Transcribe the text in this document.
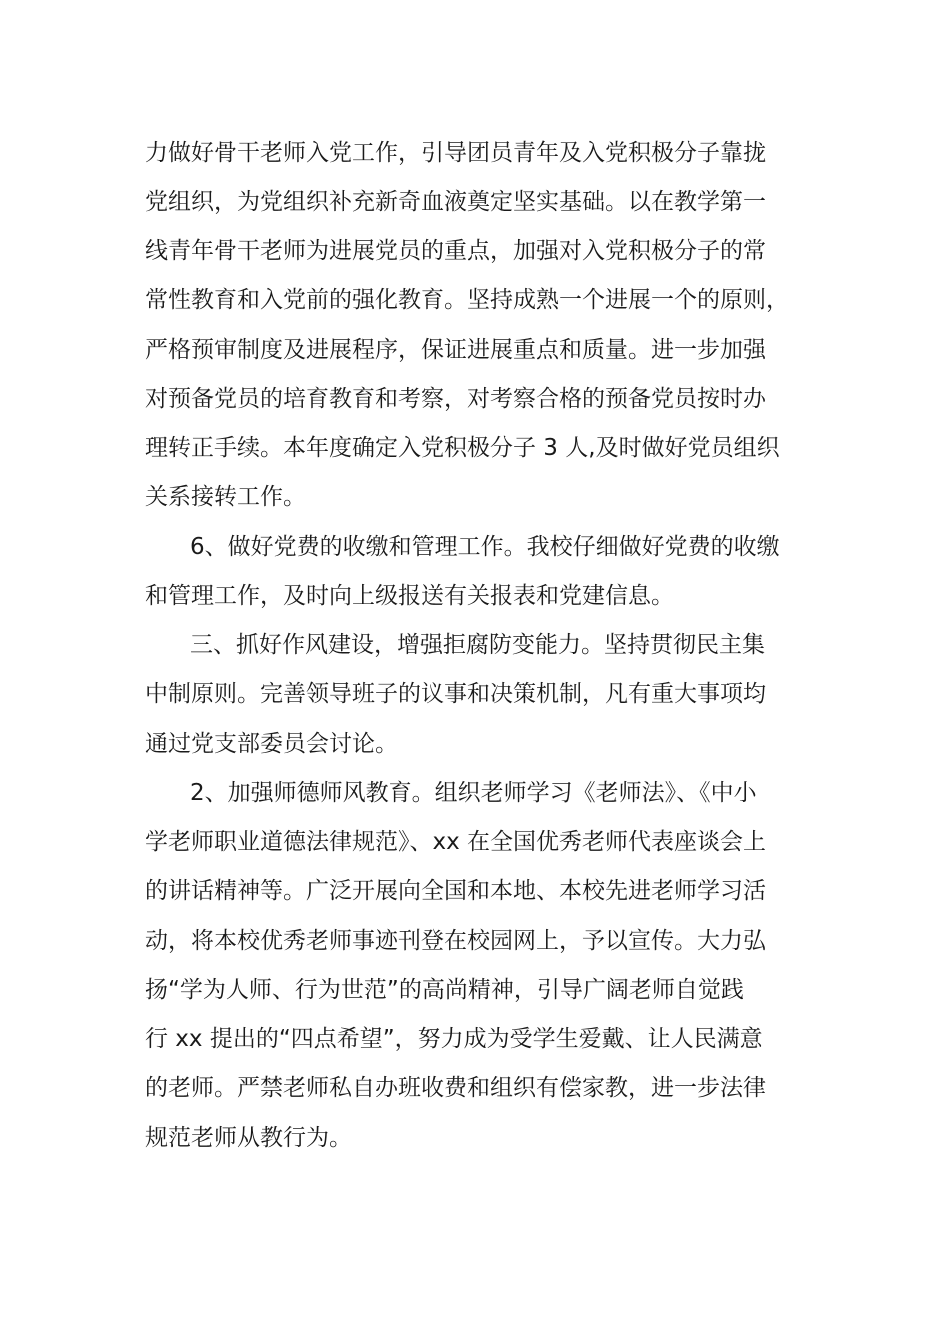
力做好骨干老师入党工作，引导团员青年及入党积极分子靠拢
党组织，为党组织补充新奇血液奠定坚实基础。以在教学第一
线青年骨干老师为进展党员的重点，加强对入党积极分子的常
常性教育和入党前的强化教育。坚持成熟一个进展一个的原则，
严格预审制度及进展程序，保证进展重点和质量。进一步加强
对预备党员的培育教育和考察，对考察合格的预备党员按时办
理转正手续。本年度确定入党积极分子 3 人,及时做好党员组织
关系接转工作。
6、做好党费的收缴和管理工作。我校仔细做好党费的收缴
和管理工作，及时向上级报送有关报表和党建信息。
三、抓好作风建设，增强拒腐防变能力。坚持贯彻民主集
中制原则。完善领导班子的议事和决策机制，凡有重大事项均
通过党支部委员会讨论。
2、加强师德师风教育。组织老师学习《老师法》、《中小
学老师职业道德法律规范》、xx 在全国优秀老师代表座谈会上
的讲话精神等。广泛开展向全国和本地、本校先进老师学习活
动，将本校优秀老师事迹刊登在校园网上，予以宣传。大力弘
扬“学为人师、行为世范”的高尚精神，引导广阔老师自觉践
行 xx 提出的“四点希望”，努力成为受学生爱戴、让人民满意
的老师。严禁老师私自办班收费和组织有偿家教，进一步法律
规范老师从教行为。
